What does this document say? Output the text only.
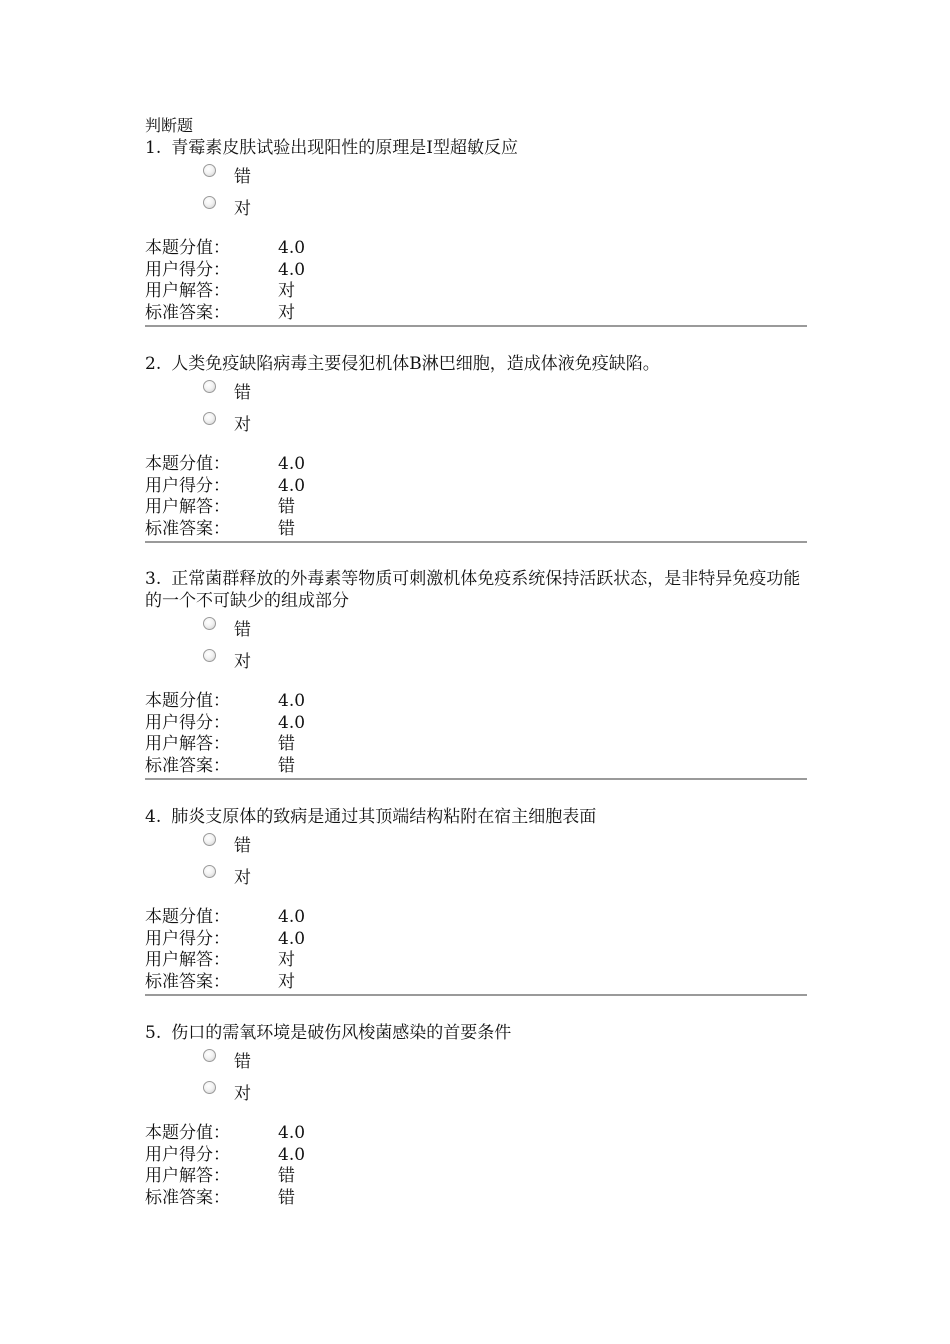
判断题
1. 青霉素皮肤试验出现阳性的原理是Ⅰ型超敏反应
错
对
本题分值：	4.0
用户得分：	4.0
用户解答：	对
标准答案：	对
2. 人类免疫缺陷病毒主要侵犯机体B淋巴细胞，造成体液免疫缺陷。
错
对
本题分值：	4.0
用户得分：	4.0
用户解答：	错
标准答案：	错
3. 正常菌群释放的外毒素等物质可刺激机体免疫系统保持活跃状态，是非特异免疫功能的一个不可缺少的组成部分
错
对
本题分值：	4.0
用户得分：	4.0
用户解答：	错
标准答案：	错
4. 肺炎支原体的致病是通过其顶端结构粘附在宿主细胞表面
错
对
本题分值：	4.0
用户得分：	4.0
用户解答：	对
标准答案：	对
5. 伤口的需氧环境是破伤风梭菌感染的首要条件
错
对
本题分值：	4.0
用户得分：	4.0
用户解答：	错
标准答案：	错
